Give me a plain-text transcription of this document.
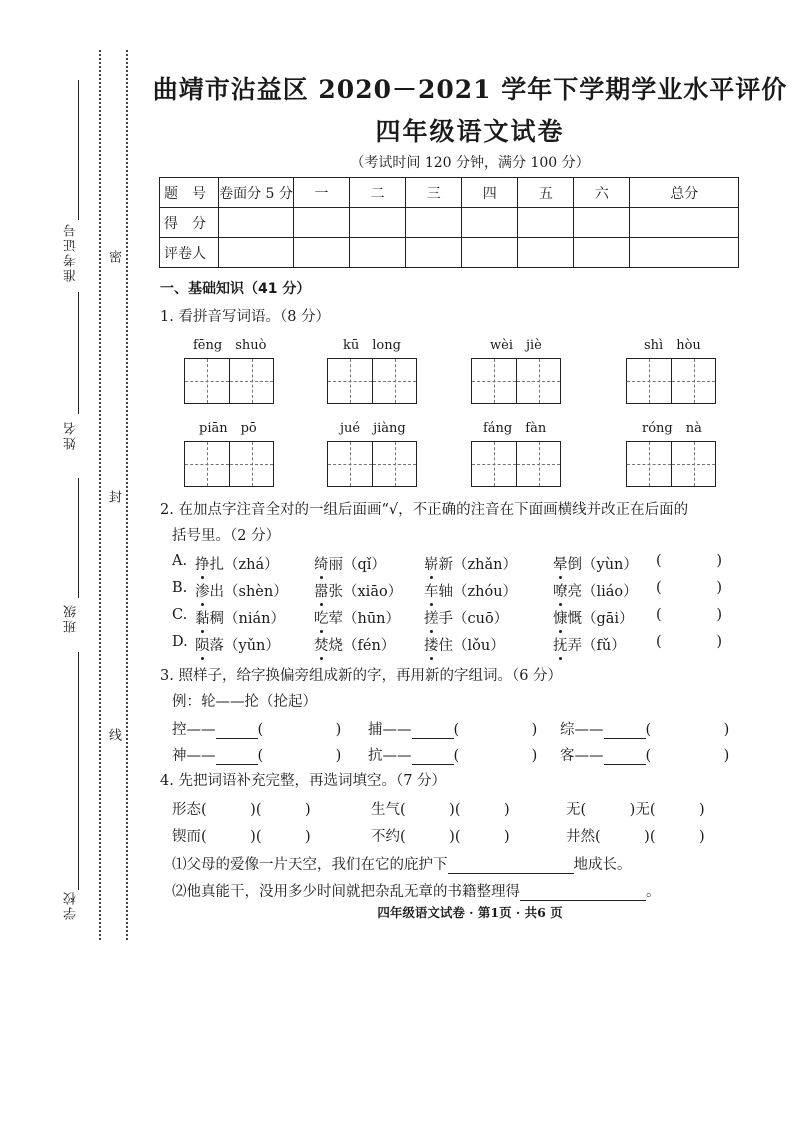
准考证号
姓名
班级
学校
密
封
线
曲靖市沾益区 2020－2021 学年下学期学业水平评价
四年级语文试卷
（考试时间 120 分钟，满分 100 分）
题　号	卷面分 5 分	一	二	三	四	五	六	总分
得　分								
评卷人								
一、基础知识（41 分）
1. 看拼音写词语。（8 分）
fēng　shuò	kū　long	wèi　jiè	shì　hòu
piān　pō	jué　jiàng	fáng　fàn	róng　nà
2. 在加点字注音全对的一组后面画“√，不正确的注音在下面画横线并改正在后面的
括号里。（2 分）
A. 挣扎（zhá） 绮丽（qǐ）	崭新（zhǎn） 晕倒（yùn） (	)
B. 渗出（shèn） 嚣张（xiāo） 车轴（zhóu） 嘹亮（liáo） (	)
C. 黏稠（nián） 吃荤（hūn） 搓手（cuō）	慷慨（gāi） (	)
D. 陨落（yǔn） 焚烧（fén） 搂住（lǒu）	抚弄（fǔ） (	)
3. 照样子，给字换偏旁组成新的字，再用新的字组词。（6 分）
例：轮——抡（抡起）
控——	(　　　　　) 捕——	(　　　　　) 综——	(　　　　　)
神——	(　　　　　) 抗——	(　　　　　) 客——	(　　　　　)
4. 先把词语补充完整，再选词填空。（7 分）
形态(　　　)(　　　)	生气(　　　)(　　　)	无(　　　)无(　　　)
锲而(　　　)(　　　)	不约(　　　)(　　　)	井然(　　　)(　　　)
⑴父母的爱像一片天空，我们在它的庇护下	地成长。
⑵他真能干，没用多少时间就把杂乱无章的书籍整理得	。
四年级语文试卷 · 第1页 · 共6 页
